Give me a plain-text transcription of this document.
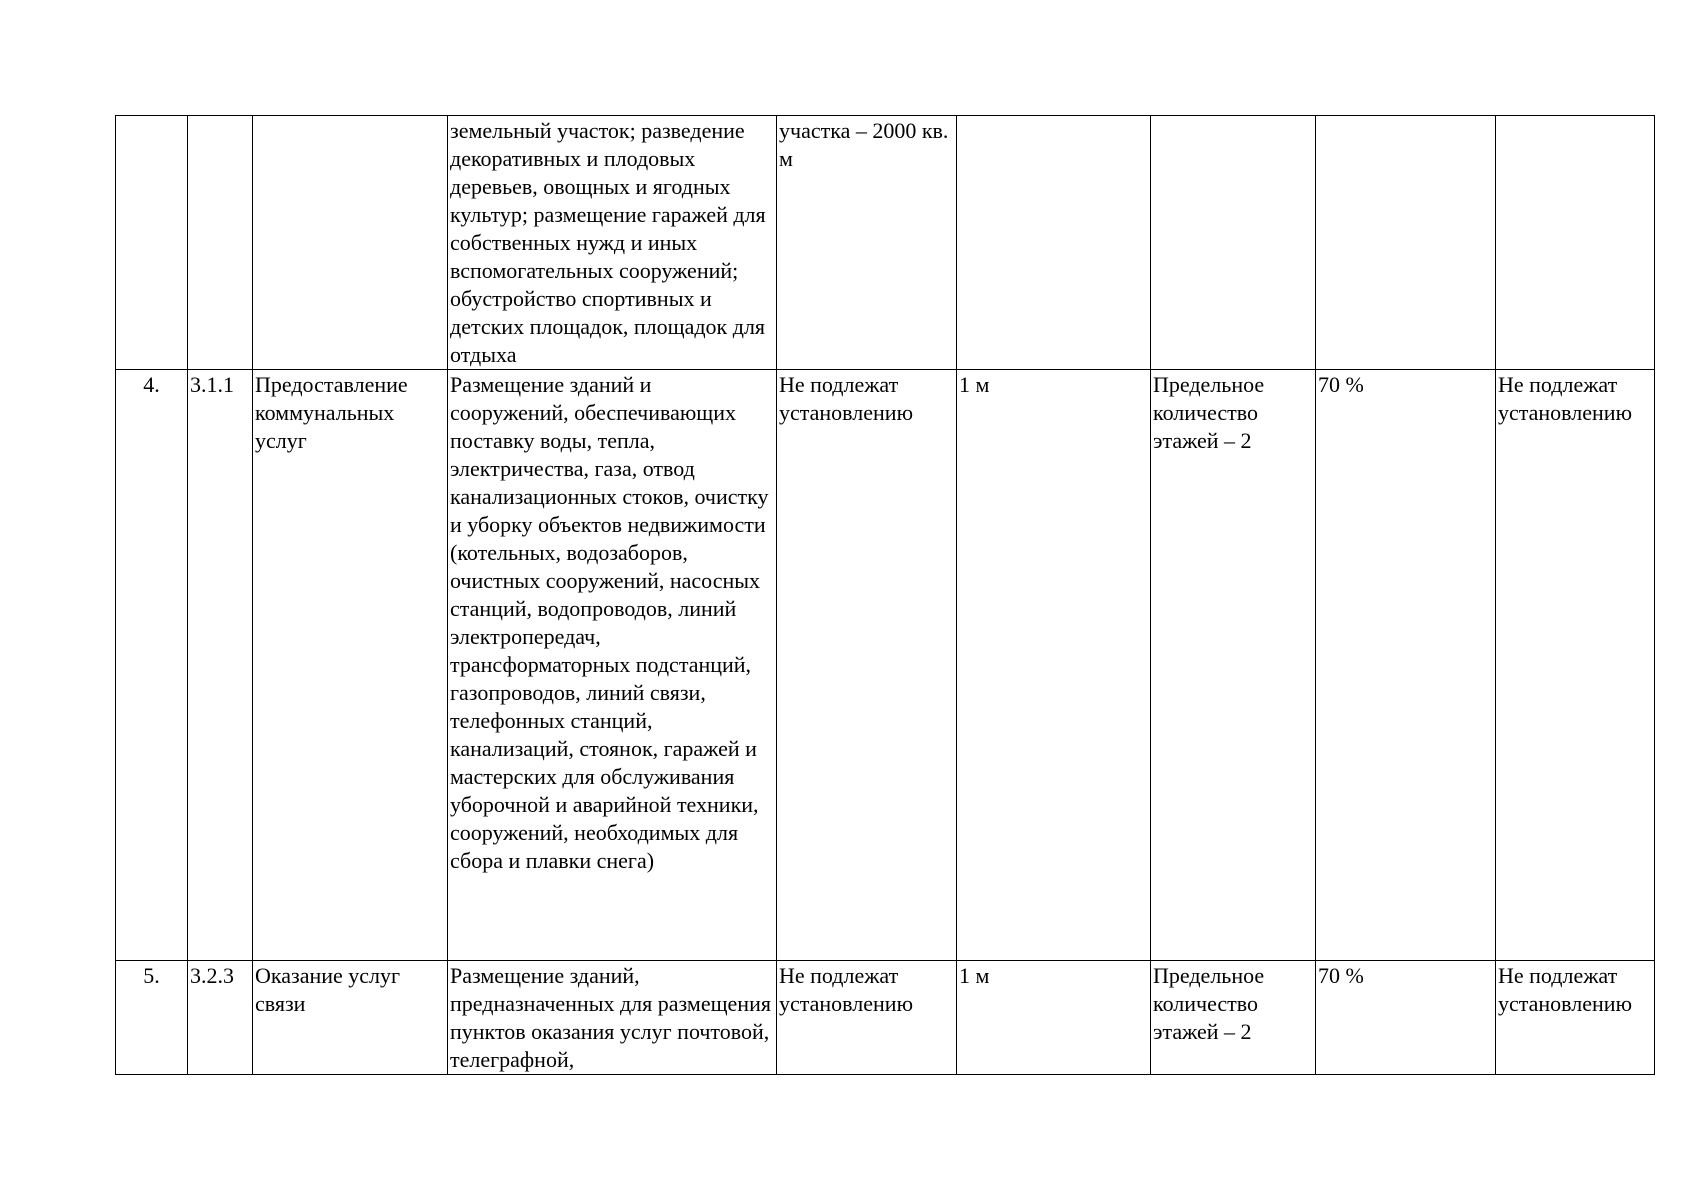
			земельный участок; разведение декоративных и плодовых деревьев, овощных и ягодных культур; размещение гаражей для собственных нужд и иных вспомогательных сооружений; обустройство спортивных и детских площадок, площадок для отдыха	участка – 2000 кв. м				
4.	3.1.1	Предоставление коммунальных услуг	Размещение зданий и сооружений, обеспечивающих поставку воды, тепла, электричества, газа, отвод канализационных стоков, очистку и уборку объектов недвижимости (котельных, водозаборов, очистных сооружений, насосных станций, водопроводов, линий электропередач, трансформаторных подстанций, газопроводов, линий связи, телефонных станций, канализаций, стоянок, гаражей и мастерских для обслуживания уборочной и аварийной техники, сооружений, необходимых для сбора и плавки снега)	Не подлежат установлению	1 м	Предельное количество этажей – 2	70 %	Не подлежат установлению
5.	3.2.3	Оказание услуг связи	Размещение зданий, предназначенных для размещения пунктов оказания услуг почтовой, телеграфной,	Не подлежат установлению	1 м	Предельное количество этажей – 2	70 %	Не подлежат установлению
